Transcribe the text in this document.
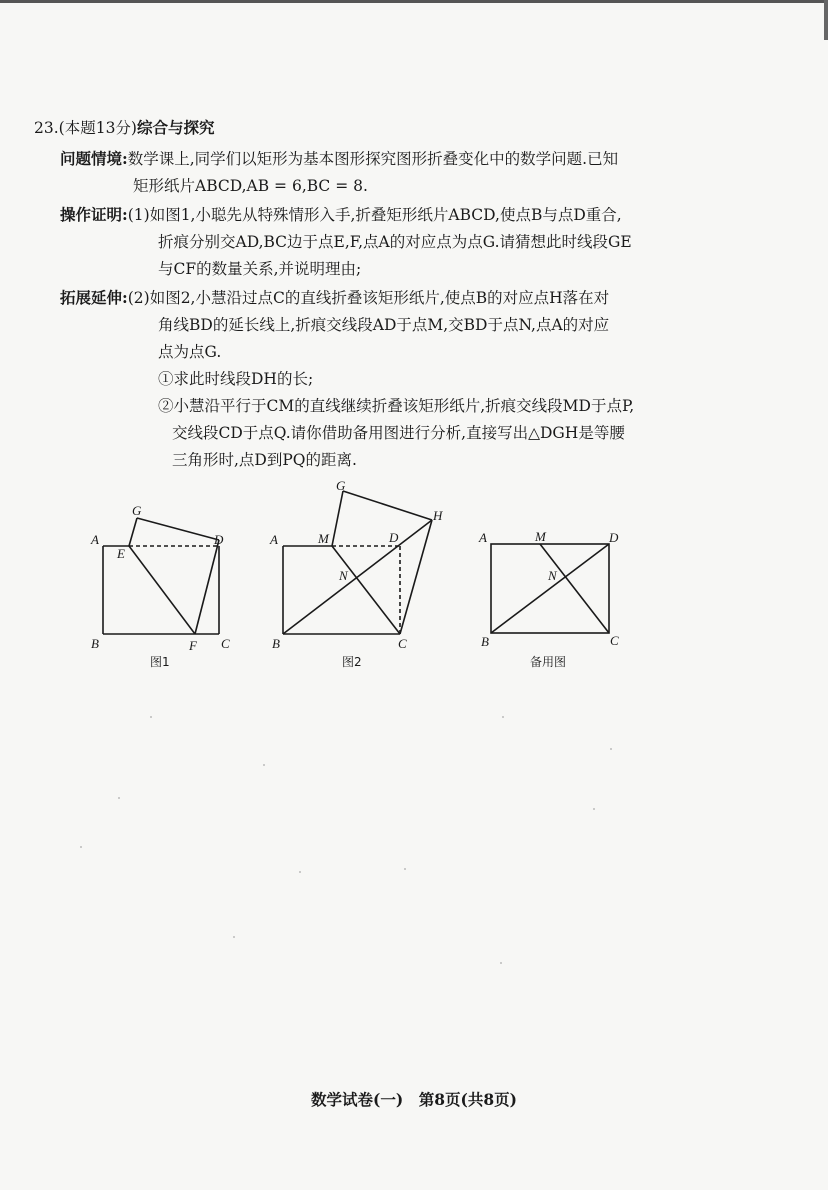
23.(本题13分)综合与探究
问题情境:数学课上,同学们以矩形为基本图形探究图形折叠变化中的数学问题.已知
矩形纸片ABCD,AB = 6,BC = 8.
操作证明:(1)如图1,小聪先从特殊情形入手,折叠矩形纸片ABCD,使点B与点D重合,
折痕分别交AD,BC边于点E,F,点A的对应点为点G.请猜想此时线段GE
与CF的数量关系,并说明理由;
拓展延伸:(2)如图2,小慧沿过点C的直线折叠该矩形纸片,使点B的对应点H落在对
角线BD的延长线上,折痕交线段AD于点M,交BD于点N,点A的对应
点为点G.
①求此时线段DH的长;
②小慧沿平行于CM的直线继续折叠该矩形纸片,折痕交线段MD于点P,
交线段CD于点Q.请你借助备用图进行分析,直接写出△DGH是等腰
三角形时,点D到PQ的距离.
A
B	C
D
E
F
G
图1
A
B	C
D
M
N
G
H
图2
A
B	C
D
M
N
备用图
数学试卷(一)　第8页(共8页)
